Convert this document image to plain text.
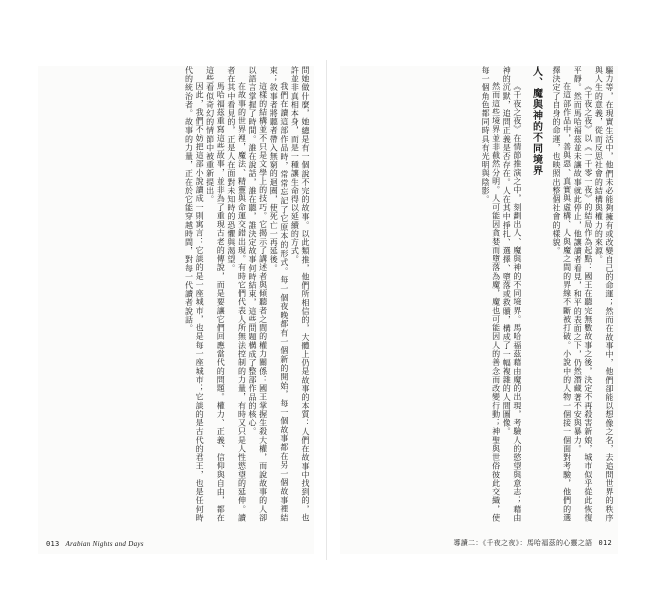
問她做什麼，她總是有一個說不完的故事。以此類推，他們所相信的，大體上仍是故事的本質：人們在故事中找到的，也許並非真相本身，而是一種讓生命得以延續的方式。

我們在讀這部作品時，常常忘記了它原本的形式。每一個夜晚都有一個新的開始，每一個故事都在另一個故事裡結束；敘事者將聽者帶入無窮的迴圈，使死亡一再延後。

這樣的結構並不只是文學上的技巧。它揭示了講述者與傾聽者之間的權力關係：國王掌握生殺大權，而說故事的人卻以語言掌握了時間。誰在說話，誰在聽，誰決定故事何時結束，這些問題構成了整部作品的核心。

在故事的世界裡，魔法、精靈與命運交錯出現。有時它們代表人所無法控制的力量，有時又只是人性慾望的延伸。讀者在其中看見的，正是人在面對未知時的恐懼與渴望。

馬哈福茲重寫這些故事，並非為了重現古老的傳說，而是要讓它們回應當代的問題。權力、正義、信仰與自由，都在這些看似奇幻的情節中被重新提出。

因此，我們不妨把這部小說讀成一則寓言：它談的是一座城市，也是每一座城市；它談的是古代的君王，也是任何時代的統治者。故事的力量，正在於它能穿越時間，對每一代讀者說話。

013 Arabian Nights and Days

驅力等，在現實生活中，他們未必能夠擁有或改變自己的命運；然而在故事中，他們卻能以想像之名，去追問世界的秩序與人生的意義，從而反思社會的結構與權力的來源。

《千夜之夜》以《一千零一夜》的結局作為起點：國王在聽完無數故事之後，決定不再殺害新娘，城市似乎從此恢復平靜。然而馬哈福茲並未讓故事就此停止，他讓讀者看見，和平的表面之下，仍然潛藏著不安與暴力。

在這部作品中，善與惡、真實與虛構、人與魔之間的界線不斷被打破。小說中的人物一個接一個面對考驗，他們的選擇決定了自身的命運，也映照出整個社會的樣貌。

人、魔與神的不同境界

《千夜之夜》在情節推演之中，刻劃出人、魔與神的不同境界。馬哈福茲藉由魔的出現，考驗人的慾望與意志；藉由神的沉默，追問正義是否存在。人在其中掙扎、選擇、墮落或救贖，構成了一幅複雜的人間圖像。

然而這些境界並非截然分明。人可能因貪婪而墮落為魔，魔也可能因人的善念而改變行動；神聖與世俗彼此交織，使每一個角色都同時具有光明與陰影。

導讀二：《千夜之夜》：馬哈福茲的心靈之語 012
